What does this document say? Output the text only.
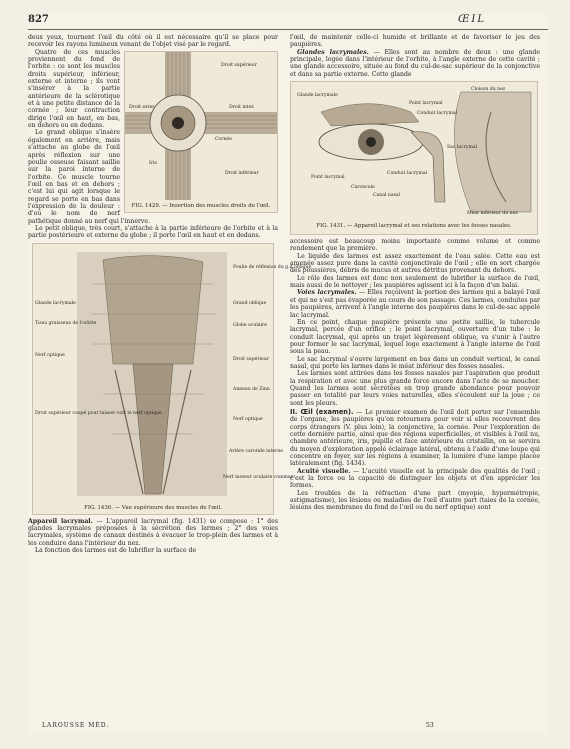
827	ŒIL

deux yeux, tournent l'œil du côté où il est nécessaire qu'il se place pour recevoir les rayons lumineux venant de l'objet visé par le regard.

Droit supérieur
Droit exter.	Droit inter.
Cornée
Iris
Droit inférieur
FIG. 1429. — Insertion des muscles droits de l'œil.

Quatre de ces muscles proviennent du fond de l'orbite : ce sont les muscles droits supérieur, inférieur, externe et interne ; ils vont s'insérer à la partie antérieure de la sclérotique et à une petite distance de la cornée ; leur contraction dirige l'œil en haut, en bas, en dehors ou en dedans.

Le grand oblique s'insère également en arrière, mais s'attache au globe de l'œil après réflexion sur une poulie osseuse faisant saillie sur la paroi interne de l'orbite. Ce muscle tourne l'œil en bas et en dehors ; c'est lui qui agit lorsque le regard se porte en bas dans l'expression de la douleur : d'où le nom de nerf pathétique donné au nerf qui l'innerve.

Le petit oblique, très court, s'attache à la partie inférieure de l'orbite et à la partie postérieure et externe du globe ; il porte l'œil en haut et en dedans.

Poulie de réflexion du g.d oblique
Glande lacrymale	Grand oblique
Tissu graisseux de l'orbite	Globe oculaire
Nerf optique
Droit supérieur
Anneau de Zinn
Droit supérieur coupé pour laisser voir le nerf optique
Nerf optique
Artère carotide interne
Nerf moteur oculaire commun
FIG. 1430. — Vue supérieure des muscles de l'œil.

Appareil lacrymal. — L'appareil lacrymal (fig. 1431) se compose : 1° des glandes lacrymales préposées à la sécrétion des larmes ; 2° des voies lacrymales, système de canaux destinés à évacuer le trop-plein des larmes et à les conduire dans l'intérieur du nez.

La fonction des larmes est de lubrifier la surface de

l'œil, de maintenir celle-ci humide et brillante et de favoriser le jeu des paupières.

Glandes lacrymales. — Elles sont au nombre de deux : une glande principale, logée dans l'intérieur de l'orbite, à l'angle externe de cette cavité ; une glande accessoire, située au fond du cul-de-sac supérieur de la conjonctive et dans sa partie externe. Cette glande

Glande lacrymale
Cloison du nez
Point lacrymal
Conduit lacrymal
Sac lacrymal
Point lacrymal
Conduit lacrymal
Caroncule
Canal nasal
Méat inférieur du nez
FIG. 1431. — Appareil lacrymal et ses relations avec les fosses nasales.

accessoire est beaucoup moins importante comme volume et comme rendement que la première.

Le liquide des larmes est assez exactement de l'eau salée. Cette eau est amenée assez pure dans la cavité conjonctivale de l'œil ; elle en sort chargée des poussières, débris de mucus et autres détritus provenant du dehors.

Le rôle des larmes est donc non seulement de lubrifier la surface de l'œil, mais aussi de le nettoyer ; les paupières agissent ici à la façon d'un balai.

Voies lacrymales. — Elles reçoivent la portion des larmes qui a balayé l'œil et qui ne s'est pas évaporée au cours de son passage. Ces larmes, conduites par les paupières, arrivent à l'angle interne des paupières dans le cul-de-sac appelé lac lacrymal.

En ce point, chaque paupière présente une petite saillie, le tubercule lacrymal, percée d'un orifice ; le point lacrymal, ouverture d'un tube : le conduit lacrymal, qui après un trajet légèrement oblique, va s'unir à l'autre pour former le sac lacrymal, lequel loge exactement à l'angle interne de l'œil sous la peau.

Le sac lacrymal s'ouvre largement en bas dans un conduit vertical, le canal nasal, qui porte les larmes dans le méat inférieur des fosses nasales.

Les larmes sont attirées dans les fosses nasales par l'aspiration que produit la respiration et avec une plus grande force encore dans l'acte de se moucher. Quand les larmes sont sécrétées en trop grande abondance pour pouvoir passer en totalité par leurs voies naturelles, elles s'écoulent sur la joue ; ce sont les pleurs.

II. Œil (examen). — Le premier examen de l'œil doit porter sur l'ensemble de l'organe, les paupières qu'on retournera pour voir si elles recouvrent des corps étrangers (V. plus loin), la conjonctive, la cornée. Pour l'exploration de cette dernière partie, ainsi que des régions superficielles, et visibles à l'œil nu, chambre antérieure, iris, pupille et face antérieure du cristallin, on se servira du moyen d'exploration appelé éclairage latéral, obtenu à l'aide d'une loupe qui concentre en foyer, sur les régions à examiner, la lumière d'une lampe placée latéralement (fig. 1434).

Acuité visuelle. — L'acuité visuelle est la principale des qualités de l'œil ; c'est la force ou la capacité de distinguer les objets et d'en apprécier les formes.

Les troubles de la réfraction d'une part (myopie, hypermétropie, astigmatisme), les lésions ou maladies de l'œil d'autre part (taies de la cornée, lésions des membranes du fond de l'œil ou du nerf optique) sont

LAROUSSE MÉD.	53
